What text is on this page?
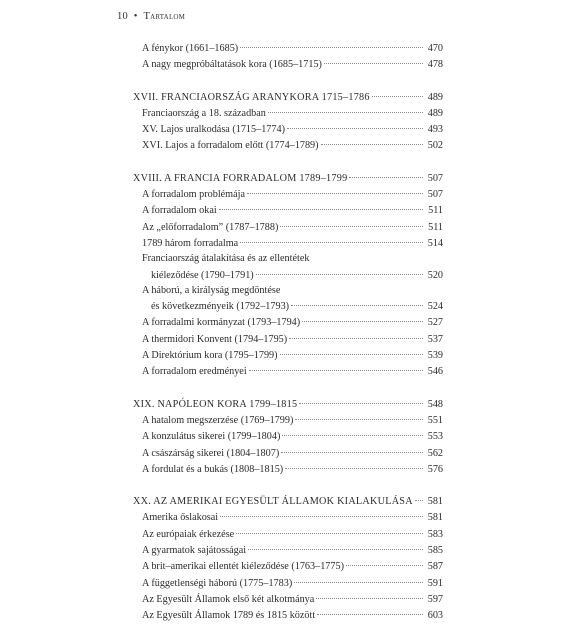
10 • Tartalom
A fénykor (1661–1685)	470
A nagy megpróbáltatások kora (1685–1715)	478
XVII. FRANCIAORSZÁG ARANYKORA 1715–1786	489
Franciaország a 18. században	489
XV. Lajos uralkodása (1715–1774)	493
XVI. Lajos a forradalom előtt (1774–1789)	502
XVIII. A FRANCIA FORRADALOM 1789–1799	507
A forradalom problémája	507
A forradalom okai	511
Az „előforradalom” (1787–1788)	511
1789 három forradalma	514
Franciaország átalakítása és az ellentétek
kiéleződése (1790–1791)	520
A háború, a királyság megdöntése
és következményeik (1792–1793)	524
A forradalmi kormányzat (1793–1794)	527
A thermidori Konvent (1794–1795)	537
A Direktórium kora (1795–1799)	539
A forradalom eredményei	546
XIX. NAPÓLEON KORA 1799–1815	548
A hatalom megszerzése (1769–1799)	551
A konzulátus sikerei (1799–1804)	553
A császárság sikerei (1804–1807)	562
A fordulat és a bukás (1808–1815)	576
XX. AZ AMERIKAI EGYESÜLT ÁLLAMOK KIALAKULÁSA 581
Amerika őslakosai	581
Az európaiak érkezése	583
A gyarmatok sajátosságai	585
A brit–amerikai ellentét kiéleződése (1763–1775)	587
A függetlenségi háború (1775–1783)	591
Az Egyesült Államok első két alkotmánya	597
Az Egyesült Államok 1789 és 1815 között	603
